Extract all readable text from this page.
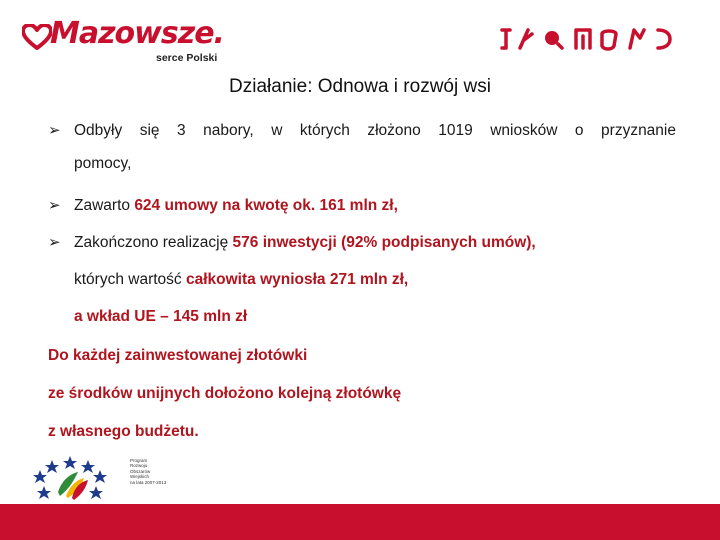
Mazowsze.
serce Polski
Działanie: Odnowa i rozwój wsi
➢ Odbyły się 3 nabory, w których złożono 1019 wniosków o przyznanie
pomocy,
➢ Zawarto 624 umowy na kwotę ok. 161 mln zł,
➢ Zakończono realizację 576 inwestycji (92% podpisanych umów),
których wartość całkowita wyniosła 271 mln zł,
a wkład UE – 145 mln zł
Do każdej zainwestowanej złotówki
ze środków unijnych dołożono kolejną złotówkę
z własnego budżetu.
Program
Rozwoju
Obszarów
Wiejskich
na lata 2007-2013
